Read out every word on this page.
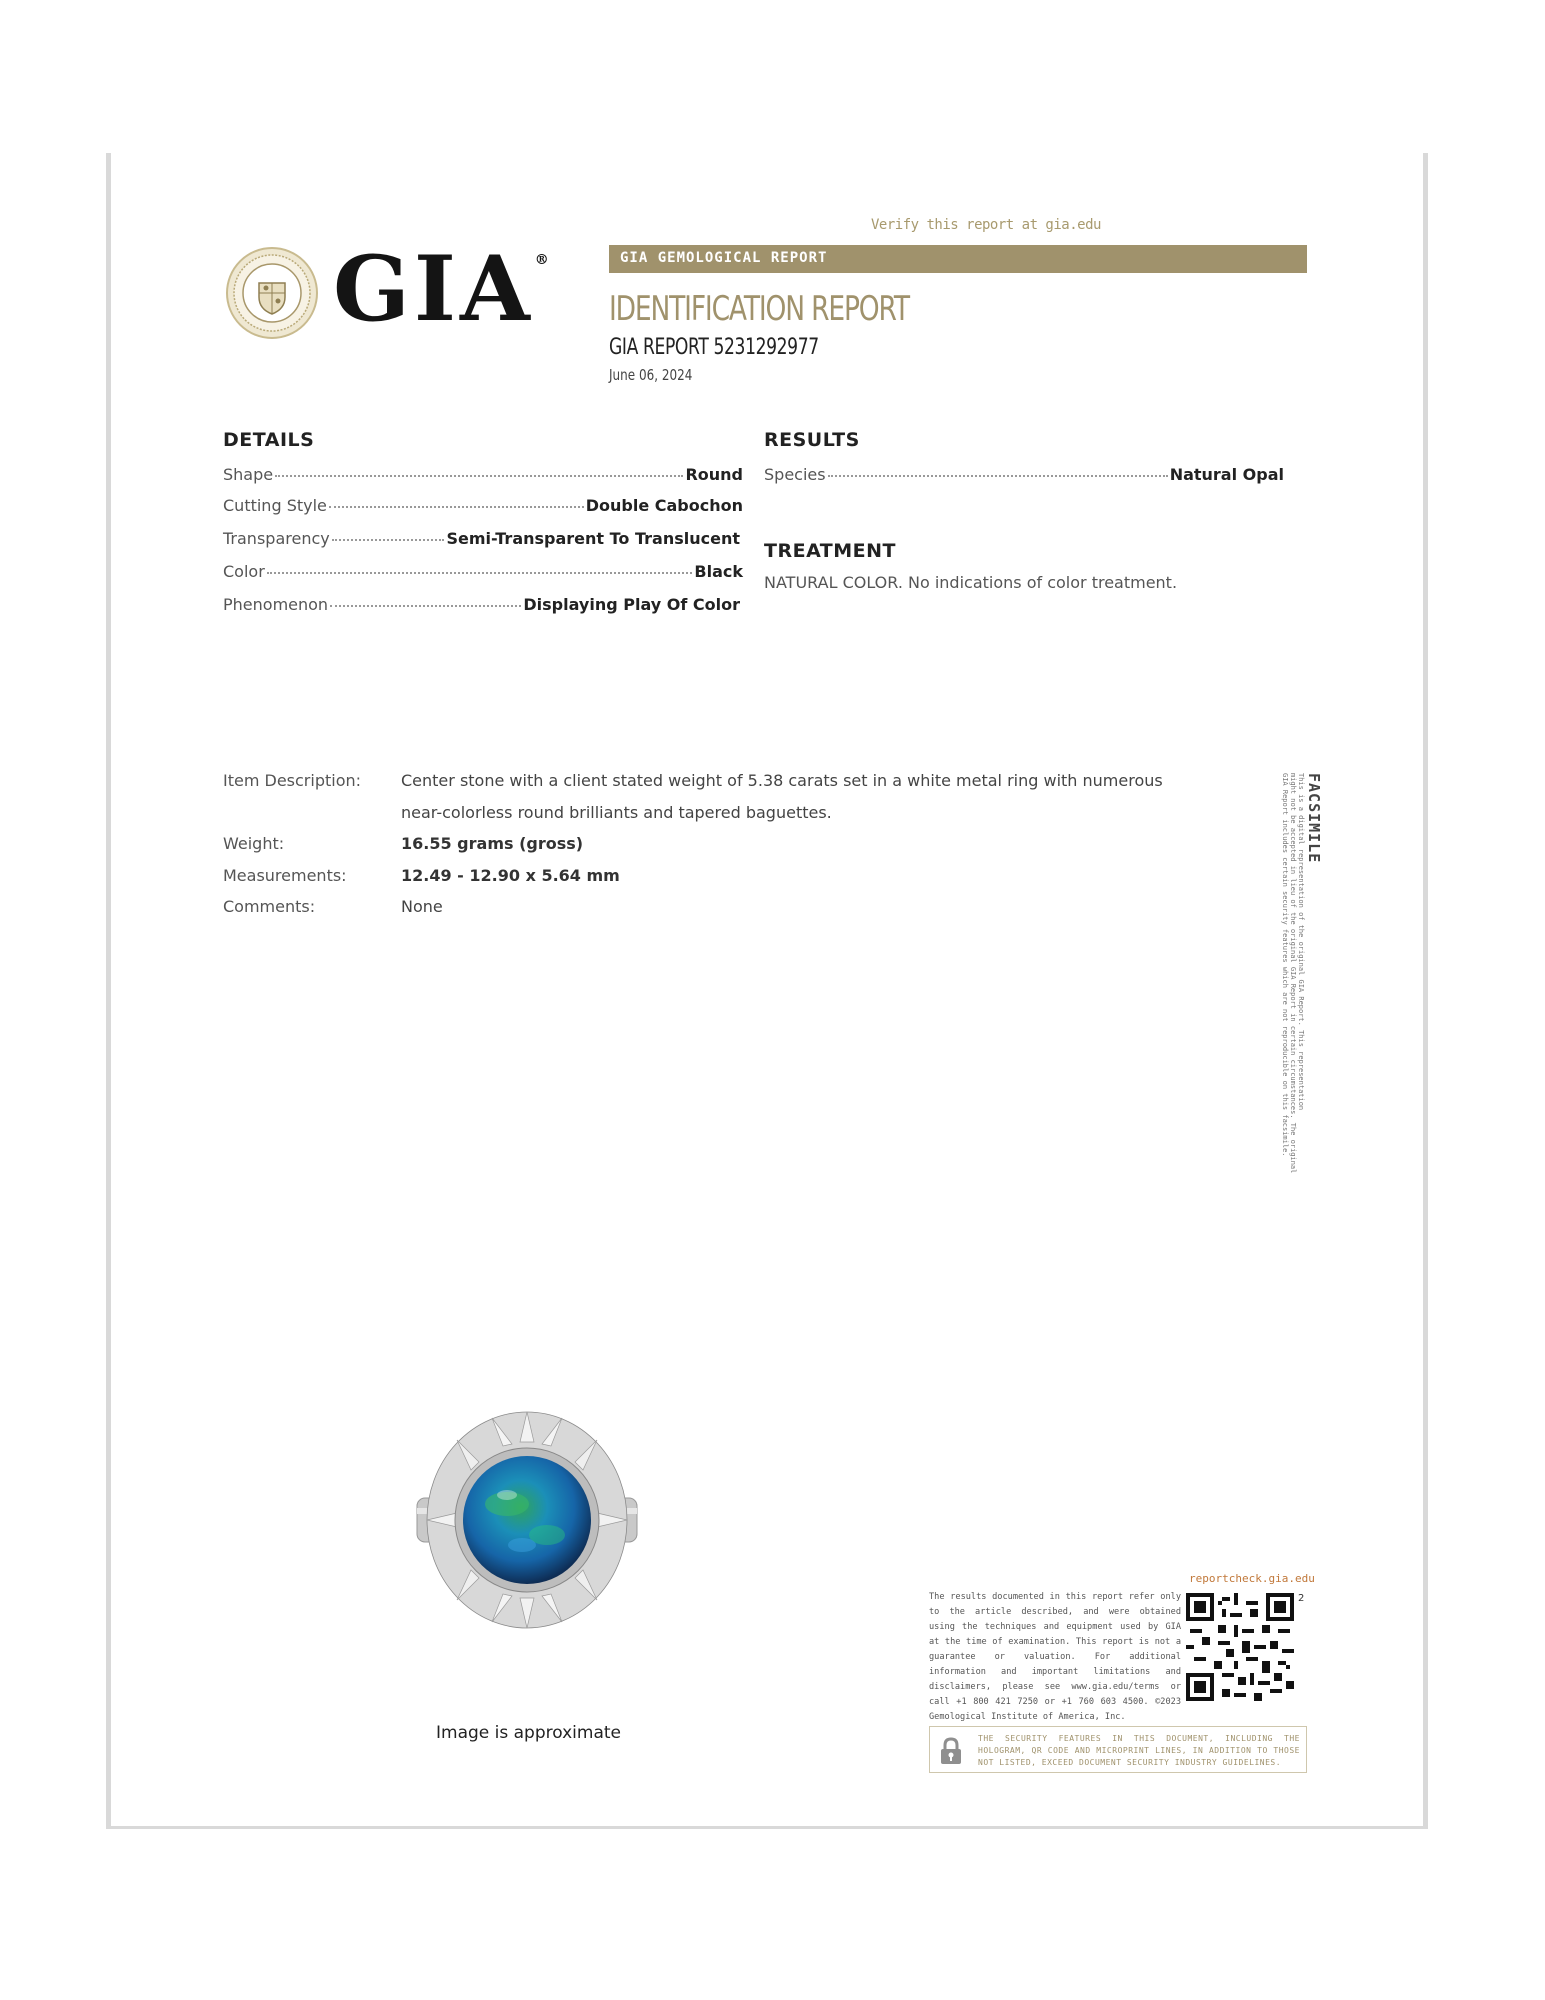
GIA®
Verify this report at gia.edu
GIA GEMOLOGICAL REPORT
IDENTIFICATION REPORT
GIA REPORT 5231292977
June 06, 2024
DETAILS
Shape	Round
Cutting Style	Double Cabochon
Transparency	Semi-Transparent To Translucent
Color	Black
Phenomenon	Displaying Play Of Color
RESULTS
Species	Natural Opal
TREATMENT
NATURAL COLOR. No indications of color treatment.
Item Description: Center stone with a client stated weight of 5.38 carats set in a white metal ring with numerous
near-colorless round brilliants and tapered baguettes.
Weight:	16.55 grams (gross)
Measurements:	12.49 - 12.90 x 5.64 mm
Comments:	None
FACSIMILE
This is a digital representation of the original GIA Report. This representation
might not be accepted in lieu of the original GIA Report in certain circumstances. The original
GIA Report includes certain security features which are not reproducible on this facsimile.
Image is approximate
reportcheck.gia.edu
The results documented in this report refer only to the article described, and were obtained using the techniques and equipment used by GIA at the time of examination. This report is not a guarantee or valuation. For additional information and important limitations and disclaimers, please see www.gia.edu/terms or call +1 800 421 7250 or +1 760 603 4500. ©2023 Gemological Institute of America, Inc.
2
THE SECURITY FEATURES IN THIS DOCUMENT, INCLUDING THE HOLOGRAM, QR CODE AND MICROPRINT LINES, IN ADDITION TO THOSE NOT LISTED, EXCEED DOCUMENT SECURITY INDUSTRY GUIDELINES.
